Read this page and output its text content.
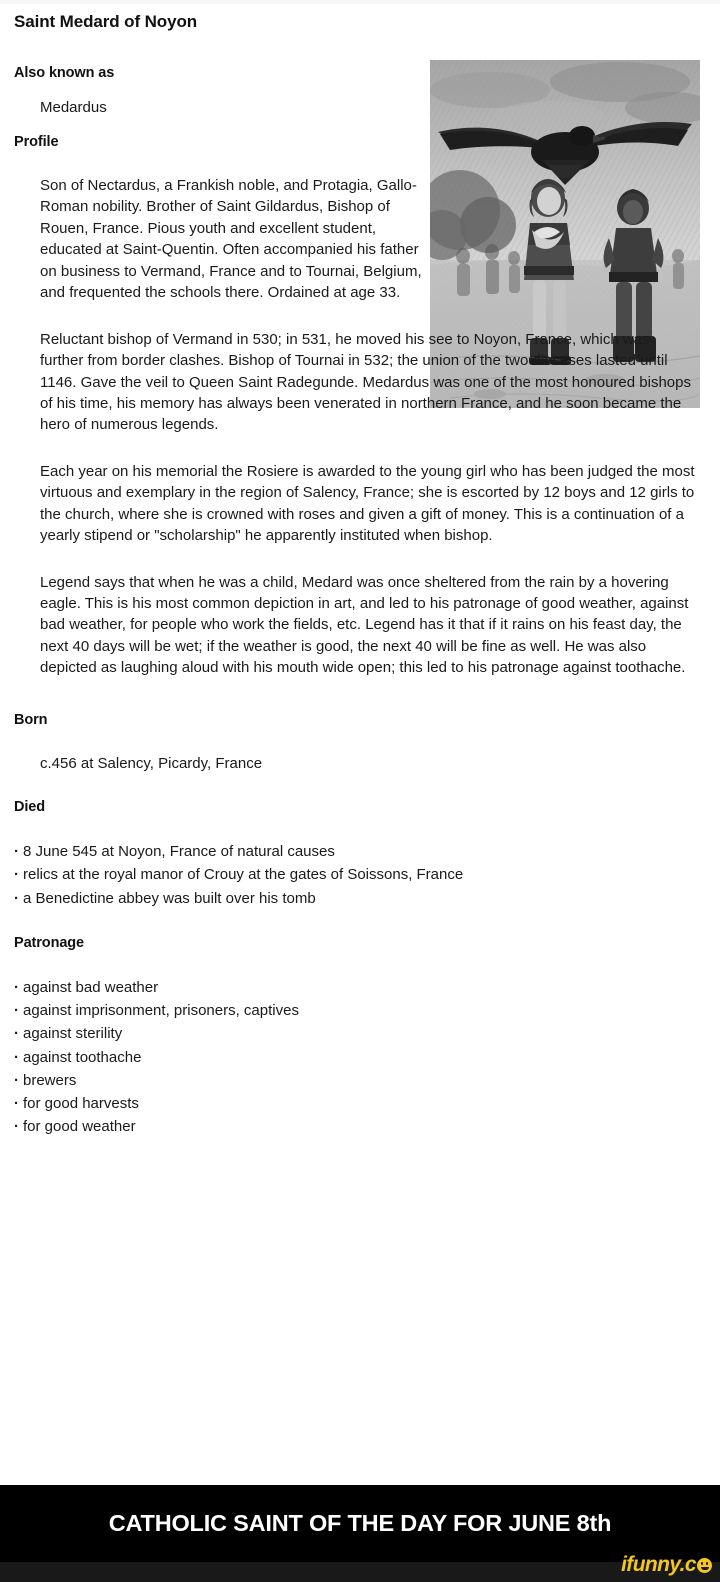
Saint Medard of Noyon
Also known as
Medardus
Profile
Son of Nectardus, a Frankish noble, and Protagia, Gallo-Roman nobility. Brother of Saint Gildardus, Bishop of Rouen, France. Pious youth and excellent student, educated at Saint-Quentin. Often accompanied his father on business to Vermand, France and to Tournai, Belgium, and frequented the schools there. Ordained at age 33.
Reluctant bishop of Vermand in 530; in 531, he moved his see to Noyon, France, which was further from border clashes. Bishop of Tournai in 532; the union of the two dioceses lasted until 1146. Gave the veil to Queen Saint Radegunde. Medardus was one of the most honoured bishops of his time, his memory has always been venerated in northern France, and he soon became the hero of numerous legends.
Each year on his memorial the Rosiere is awarded to the young girl who has been judged the most virtuous and exemplary in the region of Salency, France; she is escorted by 12 boys and 12 girls to the church, where she is crowned with roses and given a gift of money. This is a continuation of a yearly stipend or "scholarship" he apparently instituted when bishop.
Legend says that when he was a child, Medard was once sheltered from the rain by a hovering eagle. This is his most common depiction in art, and led to his patronage of good weather, against bad weather, for people who work the fields, etc. Legend has it that if it rains on his feast day, the next 40 days will be wet; if the weather is good, the next 40 will be fine as well. He was also depicted as laughing aloud with his mouth wide open; this led to his patronage against toothache.
Born
c.456 at Salency, Picardy, France
Died
· 8 June 545 at Noyon, France of natural causes
· relics at the royal manor of Crouy at the gates of Soissons, France
· a Benedictine abbey was built over his tomb
Patronage
· against bad weather
· against imprisonment, prisoners, captives
· against sterility
· against toothache
· brewers
· for good harvests
· for good weather
CATHOLIC SAINT OF THE DAY FOR JUNE 8th
ifunny.c
